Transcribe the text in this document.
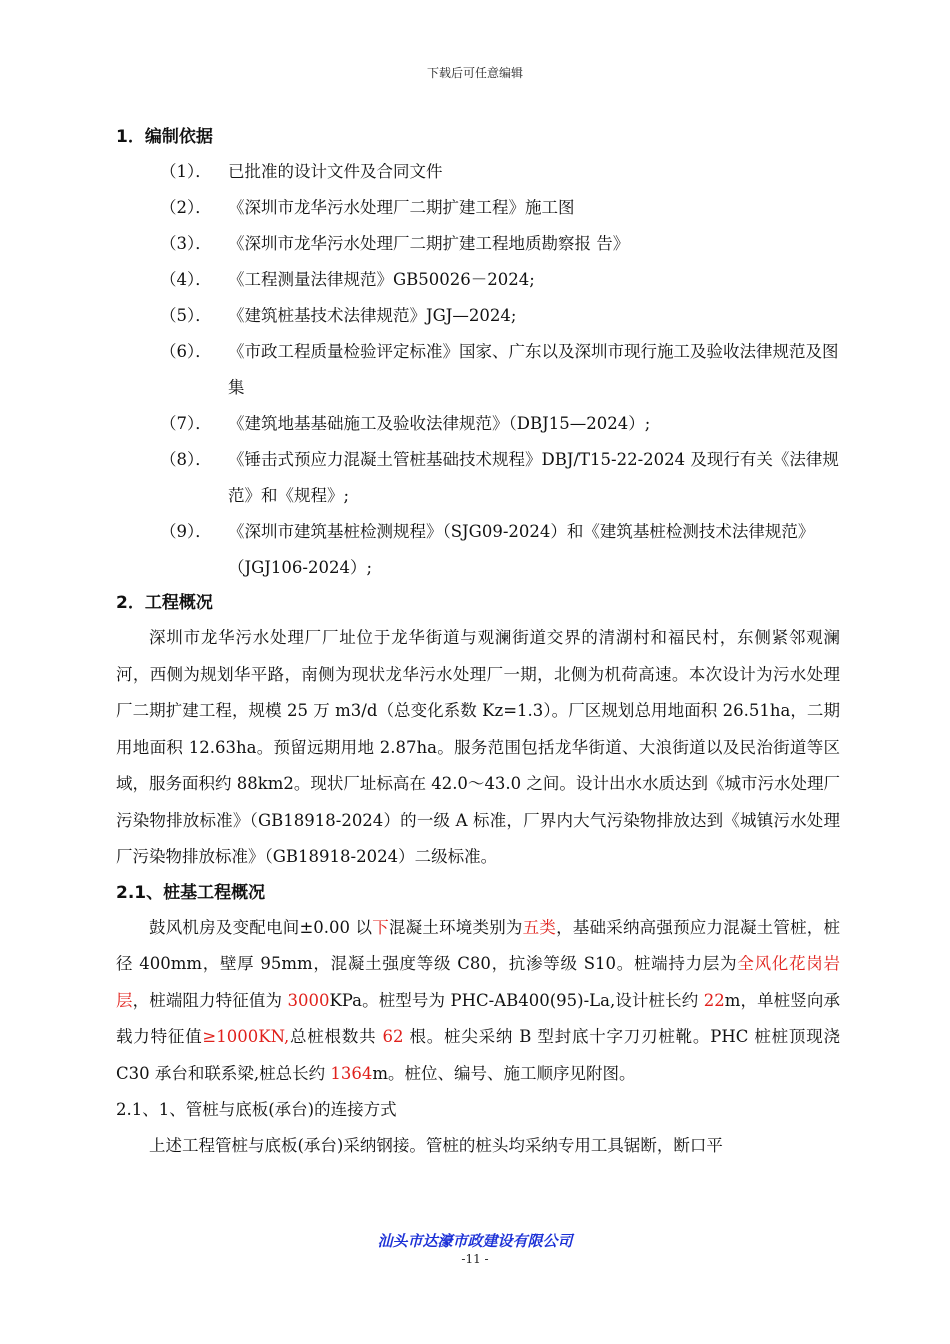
下载后可任意编辑
1．编制依据
（1）． 已批准的设计文件及合同文件
（2）． 《深圳市龙华污水处理厂二期扩建工程》施工图
（3）． 《深圳市龙华污水处理厂二期扩建工程地质勘察报 告》
（4）． 《工程测量法律规范》GB50026－2024;
（5）． 《建筑桩基技术法律规范》JGJ—2024;
（6）． 《市政工程质量检验评定标准》国家、广东以及深圳市现行施工及验收法律规范及图集
（7）． 《建筑地基基础施工及验收法律规范》（DBJ15—2024）;
（8）． 《锤击式预应力混凝土管桩基础技术规程》DBJ/T15-22-2024 及现行有关《法律规范》和《规程》;
（9）． 《深圳市建筑基桩检测规程》（SJG09-2024）和《建筑基桩检测技术法律规范》（JGJ106-2024）;
2．工程概况

深圳市龙华污水处理厂厂址位于龙华街道与观澜街道交界的清湖村和福民村，东侧紧邻观澜河，西侧为规划华平路，南侧为现状龙华污水处理厂一期，北侧为机荷高速。本次设计为污水处理厂二期扩建工程，规模 25 万 m3/d（总变化系数 Kz=1.3）。厂区规划总用地面积 26.51ha，二期用地面积 12.63ha。预留远期用地 2.87ha。服务范围包括龙华街道、大浪街道以及民治街道等区域，服务面积约 88km2。现状厂址标高在 42.0～43.0 之间。设计出水水质达到《城市污水处理厂污染物排放标准》（GB18918-2024）的一级 A 标准，厂界内大气污染物排放达到《城镇污水处理厂污染物排放标准》（GB18918-2024）二级标准。

2.1、桩基工程概况

鼓风机房及变配电间±0.00 以下混凝土环境类别为五类，基础采纳高强预应力混凝土管桩，桩径 400mm，壁厚 95mm，混凝土强度等级 C80，抗渗等级 S10。桩端持力层为全风化花岗岩层，桩端阻力特征值为 3000KPa。桩型号为 PHC-AB400(95)-La,设计桩长约 22m，单桩竖向承载力特征值≥1000KN,总桩根数共 62 根。桩尖采纳 B 型封底十字刀刃桩靴。PHC 桩桩顶现浇 C30 承台和联系梁,桩总长约 1364m。桩位、编号、施工顺序见附图。

2.1、1、管桩与底板(承台)的连接方式

上述工程管桩与底板(承台)采纳钢接。管桩的桩头均采纳专用工具锯断，断口平

汕头市达濠市政建设有限公司
-11 -
